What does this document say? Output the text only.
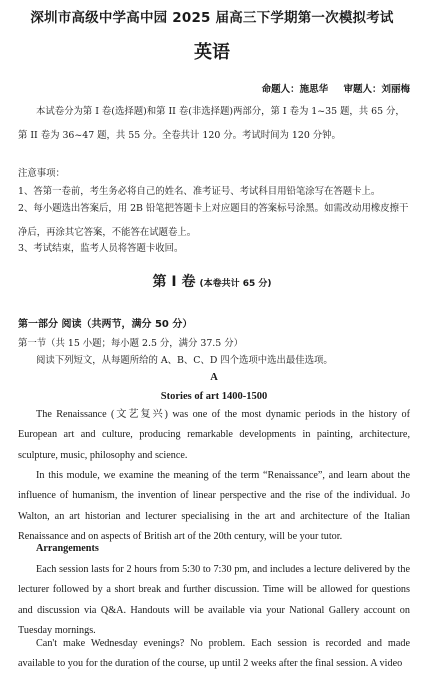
深圳市高级中学高中园 2025 届高三下学期第一次模拟考试
英语
命题人：施思华 审题人：刘丽梅
本试卷分为第 I 卷(选择题)和第 II 卷(非选择题)两部分，第 I 卷为 1~35 题，共 65 分，第 II 卷为 36~47 题，共 55 分。全卷共计 120 分。考试时间为 120 分钟。
注意事项：
1、答第一卷前，考生务必将自己的姓名、准考证号、考试科目用铅笔涂写在答题卡上。
2、每小题选出答案后，用 2B 铅笔把答题卡上对应题目的答案标号涂黑。如需改动用橡皮擦干净后，再涂其它答案，不能答在试题卷上。
3、考试结束，监考人员将答题卡收回。
第 I 卷 (本卷共计 65 分)
第一部分 阅读（共两节，满分 50 分）
第一节（共 15 小题；每小题 2.5 分，满分 37.5 分）
阅读下列短文，从每题所给的 A、B、C、D 四个选项中选出最佳选项。
A
Stories of art 1400-1500
The Renaissance (文艺复兴) was one of the most dynamic periods in the history of European art and culture, producing remarkable developments in painting, architecture, sculpture, music, philosophy and science.
In this module, we examine the meaning of the term “Renaissance”, and learn about the influence of humanism, the invention of linear perspective and the rise of the individual. Jo Walton, an art historian and lecturer specialising in the art and architecture of the Italian Renaissance and on aspects of British art of the 20th century, will be your tutor.
Arrangements
Each session lasts for 2 hours from 5:30 to 7:30 pm, and includes a lecture delivered by the lecturer followed by a short break and further discussion. Time will be allowed for questions and discussion via Q&A. Handouts will be available via your National Gallery account on Tuesday mornings.
Can't make Wednesday evenings? No problem. Each session is recorded and made available to you for the duration of the course, up until 2 weeks after the final session. A video
